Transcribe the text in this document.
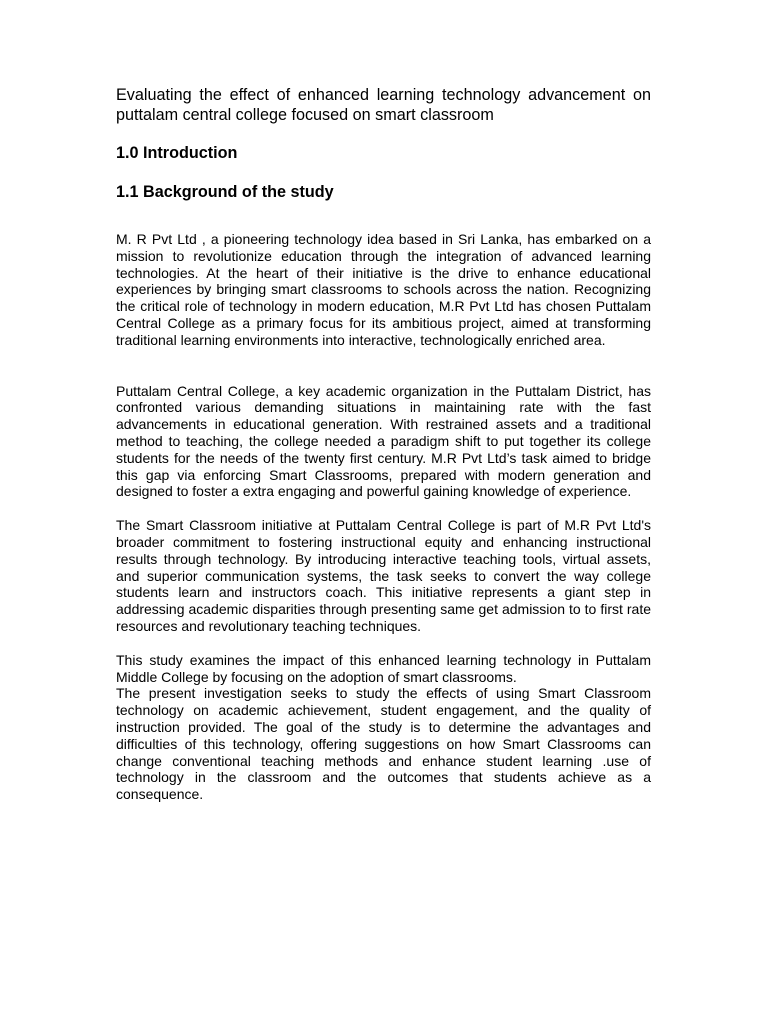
Evaluating the effect of enhanced learning technology advancement on puttalam central college focused on smart classroom

1.0 Introduction
1.1 Background of the study

M. R Pvt Ltd , a pioneering technology idea based in Sri Lanka, has embarked on a mission to revolutionize education through the integration of advanced learning technologies. At the heart of their initiative is the drive to enhance educational experiences by bringing smart classrooms to schools across the nation. Recognizing the critical role of technology in modern education, M.R Pvt Ltd has chosen Puttalam Central College as a primary focus for its ambitious project, aimed at transforming traditional learning environments into interactive, technologically enriched area.

Puttalam Central College, a key academic organization in the Puttalam District, has confronted various demanding situations in maintaining rate with the fast advancements in educational generation. With restrained assets and a traditional method to teaching, the college needed a paradigm shift to put together its college students for the needs of the twenty first century. M.R Pvt Ltd’s task aimed to bridge this gap via enforcing Smart Classrooms, prepared with modern generation and designed to foster a extra engaging and powerful gaining knowledge of experience.

The Smart Classroom initiative at Puttalam Central College is part of M.R Pvt Ltd's broader commitment to fostering instructional equity and enhancing instructional results through technology. By introducing interactive teaching tools, virtual assets, and superior communication systems, the task seeks to convert the way college students learn and instructors coach. This initiative represents a giant step in addressing academic disparities through presenting same get admission to to first rate resources and revolutionary teaching techniques.

This study examines the impact of this enhanced learning technology in Puttalam Middle College by focusing on the adoption of smart classrooms.

The present investigation seeks to study the effects of using Smart Classroom technology on academic achievement, student engagement, and the quality of instruction provided. The goal of the study is to determine the advantages and difficulties of this technology, offering suggestions on how Smart Classrooms can change conventional teaching methods and enhance student learning .use of technology in the classroom and the outcomes that students achieve as a consequence.
